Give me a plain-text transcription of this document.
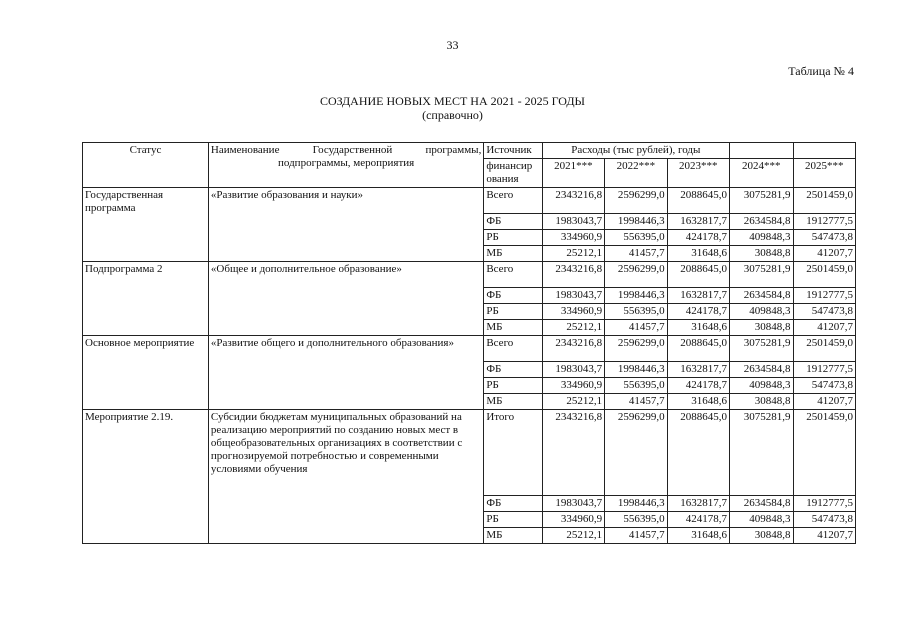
33
Таблица № 4
СОЗДАНИЕ НОВЫХ МЕСТ НА 2021 - 2025 ГОДЫ
(справочно)
Статус	Наименование Государственной программы, подпрограммы, мероприятия	Источник	Расходы (тыс рублей), годы				
		финансир ования	2021***	2022***	2023***	2024***	2025***
Государственная программа	«Развитие образования и науки»	Всего	2343216,8	2596299,0	2088645,0	3075281,9	2501459,0
		ФБ	1983043,7	1998446,3	1632817,7	2634584,8	1912777,5
		РБ	334960,9	556395,0	424178,7	409848,3	547473,8
		МБ	25212,1	41457,7	31648,6	30848,8	41207,7
Подпрограмма 2	«Общее и дополнительное образование»	Всего	2343216,8	2596299,0	2088645,0	3075281,9	2501459,0
		ФБ	1983043,7	1998446,3	1632817,7	2634584,8	1912777,5
		РБ	334960,9	556395,0	424178,7	409848,3	547473,8
		МБ	25212,1	41457,7	31648,6	30848,8	41207,7
Основное мероприятие	«Развитие общего и дополнительного образования»	Всего	2343216,8	2596299,0	2088645,0	3075281,9	2501459,0
		ФБ	1983043,7	1998446,3	1632817,7	2634584,8	1912777,5
		РБ	334960,9	556395,0	424178,7	409848,3	547473,8
		МБ	25212,1	41457,7	31648,6	30848,8	41207,7
Мероприятие 2.19.	Субсидии бюджетам муниципальных образований на реализацию мероприятий по созданию новых мест в общеобразовательных организациях в соответствии с прогнозируемой потребностью и современными условиями обучения	Итого	2343216,8	2596299,0	2088645,0	3075281,9	2501459,0
		ФБ	1983043,7	1998446,3	1632817,7	2634584,8	1912777,5
		РБ	334960,9	556395,0	424178,7	409848,3	547473,8
		МБ	25212,1	41457,7	31648,6	30848,8	41207,7
